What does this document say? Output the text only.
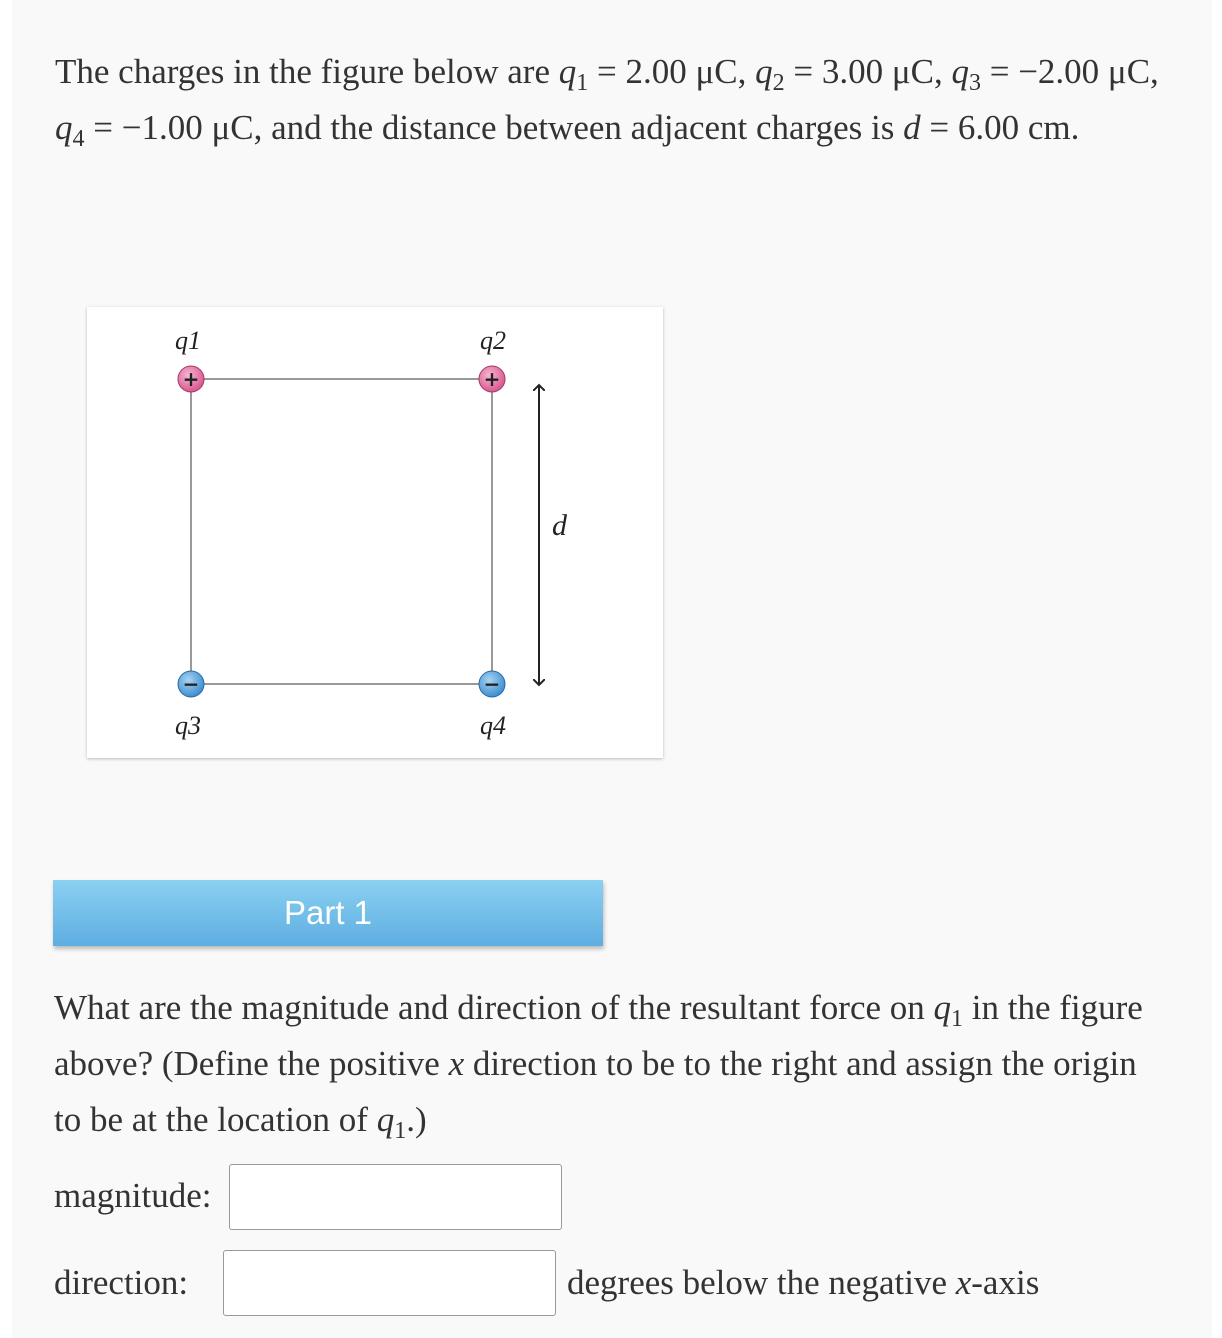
The charges in the figure below are $q_1 = 2.00$ μC, $q_2 = 3.00$ μC, $q_3 = -2.00$ μC, $q_4 = -1.00$ μC, and the distance between adjacent charges is d = 6.00 cm.
+	+
−	−
q1	q2
q3	q4
d
Part 1
What are the magnitude and direction of the resultant force on $q_1$ in the figure above? (Define the positive x direction to be to the right and assign the origin to be at the location of $q_1$.)
magnitude:
direction:	degrees below the negative x-axis
